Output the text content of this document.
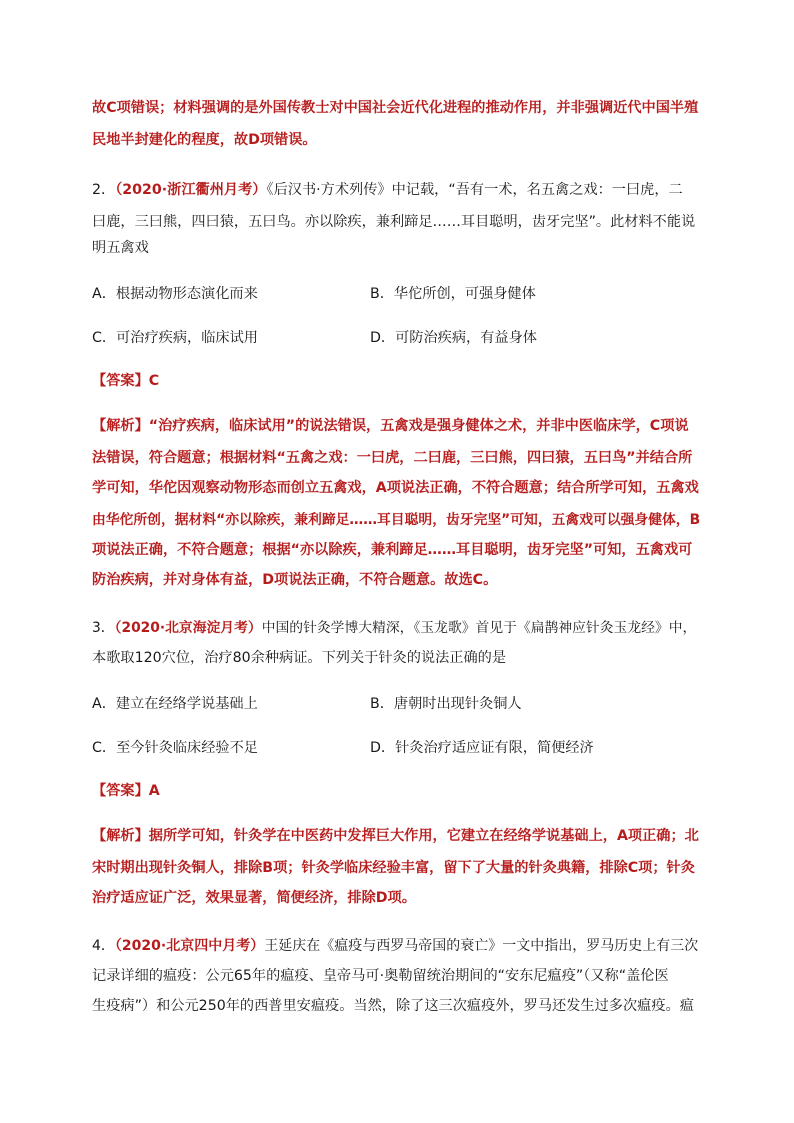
故C项错误；材料强调的是外国传教士对中国社会近代化进程的推动作用，并非强调近代中国半殖
民地半封建化的程度，故D项错误。
2．（2020·浙江衢州月考）《后汉书·方术列传》中记载，“吾有一术，名五禽之戏：一曰虎，二
曰鹿，三曰熊，四曰猿，五曰鸟。亦以除疾，兼利蹄足……耳目聪明，齿牙完坚”。此材料不能说
明五禽戏
A．根据动物形态演化而来	B．华佗所创，可强身健体
C．可治疗疾病，临床试用	D．可防治疾病，有益身体
【答案】C
【解析】“治疗疾病，临床试用”的说法错误，五禽戏是强身健体之术，并非中医临床学，C项说
法错误，符合题意；根据材料“五禽之戏：一曰虎，二曰鹿，三曰熊，四曰猿，五曰鸟”并结合所
学可知，华佗因观察动物形态而创立五禽戏，A项说法正确，不符合题意；结合所学可知，五禽戏
由华佗所创，据材料“亦以除疾，兼利蹄足……耳目聪明，齿牙完坚”可知，五禽戏可以强身健体，B
项说法正确，不符合题意；根据“亦以除疾，兼利蹄足……耳目聪明，齿牙完坚”可知，五禽戏可
防治疾病，并对身体有益，D项说法正确，不符合题意。故选C。
3．（2020·北京海淀月考）中国的针灸学博大精深，《玉龙歌》首见于《扁鹊神应针灸玉龙经》中，
本歌取120穴位，治疗80余种病证。下列关于针灸的说法正确的是
A．建立在经络学说基础上	B．唐朝时出现针灸铜人
C．至今针灸临床经验不足	D．针灸治疗适应证有限，简便经济
【答案】A
【解析】据所学可知，针灸学在中医药中发挥巨大作用，它建立在经络学说基础上，A项正确；北
宋时期出现针灸铜人，排除B项；针灸学临床经验丰富，留下了大量的针灸典籍，排除C项；针灸
治疗适应证广泛，效果显著，简便经济，排除D项。
4．（2020·北京四中月考）王延庆在《瘟疫与西罗马帝国的衰亡》一文中指出，罗马历史上有三次
记录详细的瘟疫：公元65年的瘟疫、皇帝马可·奥勒留统治期间的“安东尼瘟疫”（又称“盖伦医
生疫病”）和公元250年的西普里安瘟疫。当然，除了这三次瘟疫外，罗马还发生过多次瘟疫。瘟
